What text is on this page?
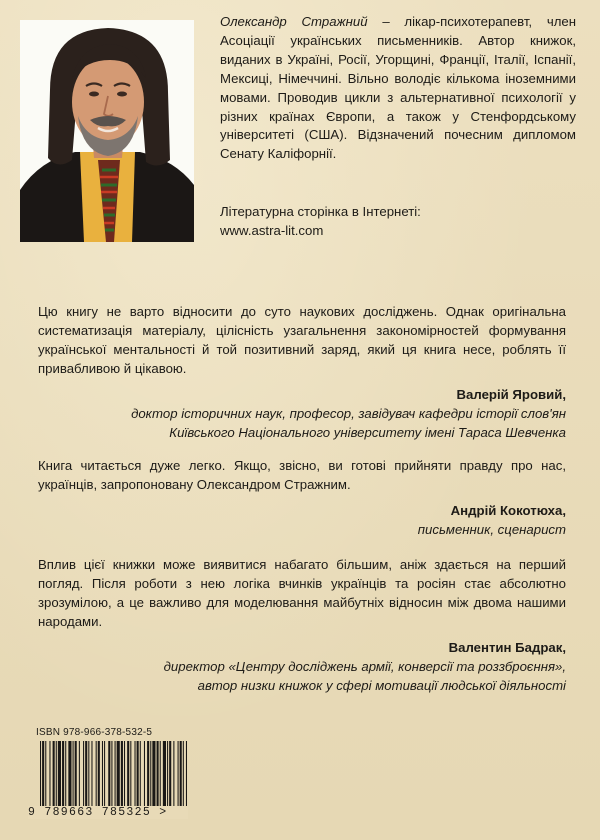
Олександр Стражний – лікар-психотерапевт, член Асоціації українських письменників. Автор книжок, виданих в Україні, Росії, Угорщині, Франції, Італії, Іспанії, Мексиці, Німеччині. Вільно володіє кількома іноземними мовами. Проводив цикли з альтернативної психології у різних країнах Європи, а також у Стенфордському університеті (США). Відзначений почесним дипломом Сенату Каліфорнії.

Літературна сторінка в Інтернеті:
www.astra-lit.com

Цю книгу не варто відносити до суто наукових досліджень. Однак оригінальна систематизація матеріалу, цілісність узагальнення закономірностей формування української ментальності й той позитивний заряд, який ця книга несе, роблять її привабливою й цікавою.

Валерій Яровий,
доктор історичних наук, професор, завідувач кафедри історії слов'ян
Київського Національного університету імені Тараса Шевченка

Книга читається дуже легко. Якщо, звісно, ви готові прийняти правду про нас, українців, запропоновану Олександром Стражним.

Андрій Кокотюха,
письменник, сценарист

Вплив цієї книжки може виявитися набагато більшим, аніж здається на перший погляд. Після роботи з нею логіка вчинків українців та росіян стає абсолютно зрозумілою, а це важливо для моделювання майбутніх відносин між двома нашими народами.

Валентин Бадрак,
директор «Центру досліджень армії, конверсії та роззброєння»,
автор низки книжок у сфері мотивації людської діяльності
ISBN 978-966-378-532-5
9 789663 785325 >
